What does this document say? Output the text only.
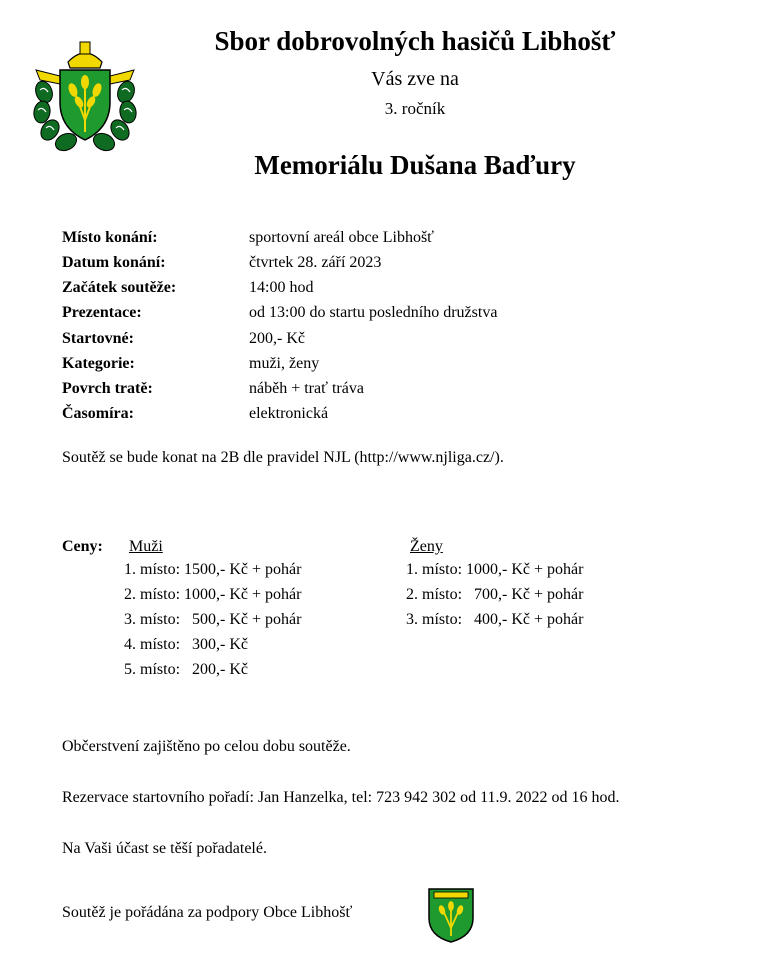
Sbor dobrovolných hasičů Libhošť
Vás zve na
3. ročník
Memoriálu Dušana Baďury
Místo konání:	sportovní areál obce Libhošť
Datum konání:	čtvrtek 28. září 2023
Začátek soutěže:	14:00 hod
Prezentace:	od 13:00 do startu posledního družstva
Startovné:	200,- Kč
Kategorie:	muži, ženy
Povrch tratě:	náběh + trať tráva
Časomíra:	elektronická
Soutěž se bude konat na 2B dle pravidel NJL (http://www.njliga.cz/).
Ceny: Muži
1. místo: 1500,- Kč + pohár
2. místo: 1000,- Kč + pohár
3. místo:   500,- Kč + pohár
4. místo:   300,- Kč
5. místo:   200,- Kč
Ženy
1. místo: 1000,- Kč + pohár
2. místo:   700,- Kč + pohár
3. místo:   400,- Kč + pohár
Občerstvení zajištěno po celou dobu soutěže.
Rezervace startovního pořadí: Jan Hanzelka, tel: 723 942 302 od 11.9. 2022 od 16 hod.
Na Vaši účast se těší pořadatelé.
Soutěž je pořádána za podpory Obce Libhošť
